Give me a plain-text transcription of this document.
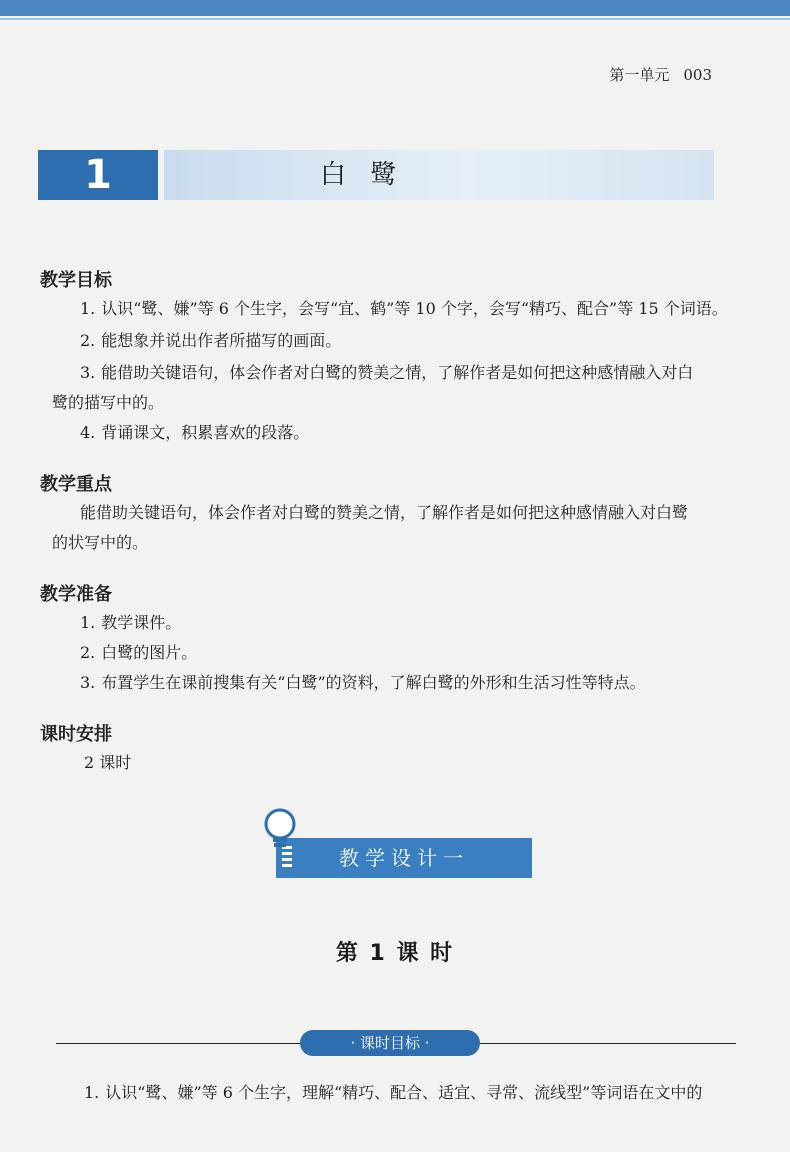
第一单元 003
1	白 鹭
教学目标
1. 认识“鹭、嫌”等 6 个生字，会写“宜、鹤”等 10 个字，会写“精巧、配合”等 15 个词语。
2. 能想象并说出作者所描写的画面。
3. 能借助关键语句，体会作者对白鹭的赞美之情，了解作者是如何把这种感情融入对白
鹭的描写中的。
4. 背诵课文，积累喜欢的段落。
教学重点
能借助关键语句，体会作者对白鹭的赞美之情，了解作者是如何把这种感情融入对白鹭
的状写中的。
教学准备
1. 教学课件。
2. 白鹭的图片。
3. 布置学生在课前搜集有关“白鹭”的资料，了解白鹭的外形和生活习性等特点。
课时安排
2 课时
教学设计一
第 1 课 时
· 课时目标 ·
1. 认识“鹭、嫌”等 6 个生字，理解“精巧、配合、适宜、寻常、流线型”等词语在文中的
